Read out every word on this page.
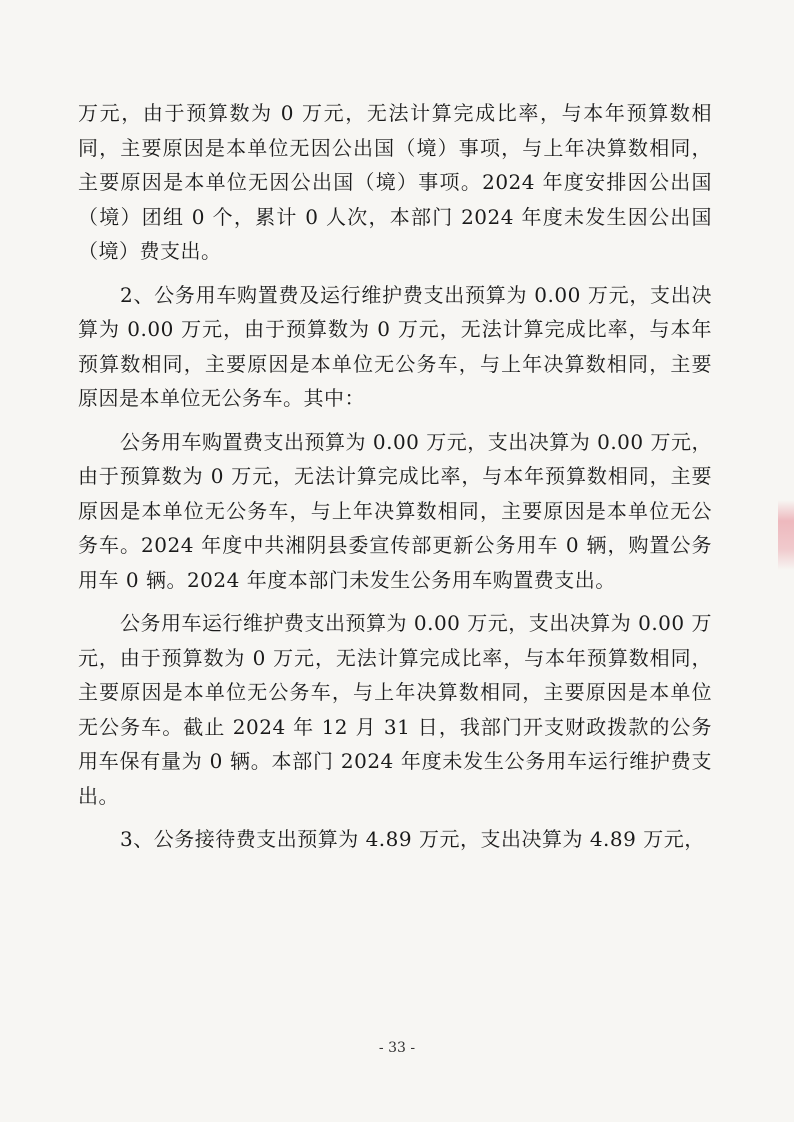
万元，由于预算数为 0 万元，无法计算完成比率，与本年预算数相同，主要原因是本单位无因公出国（境）事项，与上年决算数相同，主要原因是本单位无因公出国（境）事项。2024 年度安排因公出国（境）团组 0 个，累计 0 人次，本部门 2024 年度未发生因公出国（境）费支出。

2、公务用车购置费及运行维护费支出预算为 0.00 万元，支出决算为 0.00 万元，由于预算数为 0 万元，无法计算完成比率，与本年预算数相同，主要原因是本单位无公务车，与上年决算数相同，主要原因是本单位无公务车。其中：

公务用车购置费支出预算为 0.00 万元，支出决算为 0.00 万元，由于预算数为 0 万元，无法计算完成比率，与本年预算数相同，主要原因是本单位无公务车，与上年决算数相同，主要原因是本单位无公务车。2024 年度中共湘阴县委宣传部更新公务用车 0 辆，购置公务用车 0 辆。2024 年度本部门未发生公务用车购置费支出。

公务用车运行维护费支出预算为 0.00 万元，支出决算为 0.00 万元，由于预算数为 0 万元，无法计算完成比率，与本年预算数相同，主要原因是本单位无公务车，与上年决算数相同，主要原因是本单位无公务车。截止 2024 年 12 月 31 日，我部门开支财政拨款的公务用车保有量为 0 辆。本部门 2024 年度未发生公务用车运行维护费支出。

3、公务接待费支出预算为 4.89 万元，支出决算为 4.89 万元，

- 33 -
